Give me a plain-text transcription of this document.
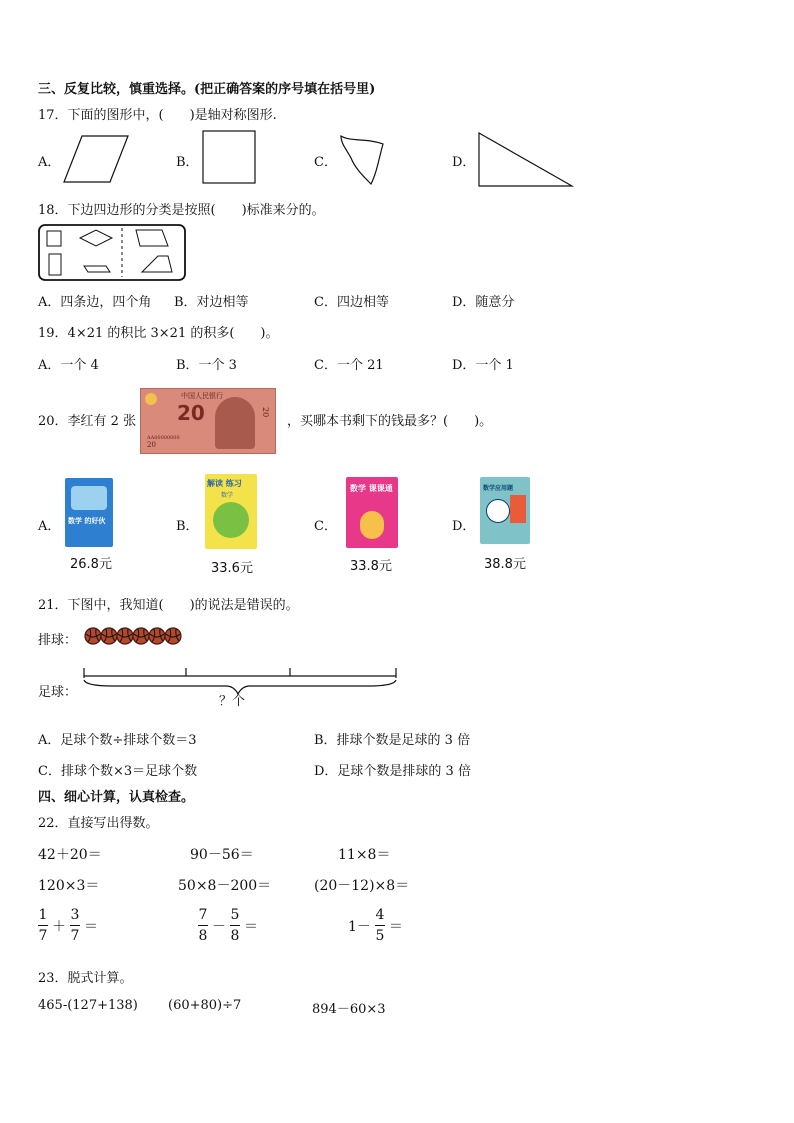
三、反复比较，慎重选择。(把正确答案的序号填在括号里)
17．下面的图形中，(　　)是轴对称图形.
A．	B．	C．	D．
18．下边四边形的分类是按照(　　)标准来分的。
A．四条边，四个角 B．对边相等	C．四边相等	D．随意分
19．4×21 的积比 3×21 的积多(　　)。
A．一个 4	B．一个 3	C．一个 21	D．一个 1
20．李红有 2 张
中国人民银行
20
AA00000000
20
20
，买哪本书剩下的钱最多？(　　)。
A． 数学 的好伙
26.8元
B．
解读 练习
数学
33.6元
C．
数学 课课通
33.8元
D．
数学应用题
38.8元
21．下图中，我知道(　　)的说法是错误的。
排球：
足球：
？个
A．足球个数÷排球个数＝3	B．排球个数是足球的 3 倍
C．排球个数×3＝足球个数	D．足球个数是排球的 3 倍
四、细心计算，认真检查。
22．直接写出得数。
42＋20＝	90－56＝	11×8＝
120×3＝	50×8－200＝	(20－12)×8＝
$\frac{1}{7} + \frac{3}{7}$ ＝	$\frac{7}{8} - \frac{5}{8}$ ＝	$1- \frac{4}{5}$ ＝
23．脱式计算。
465-(127+138) (60+80)÷7	894－60×3
